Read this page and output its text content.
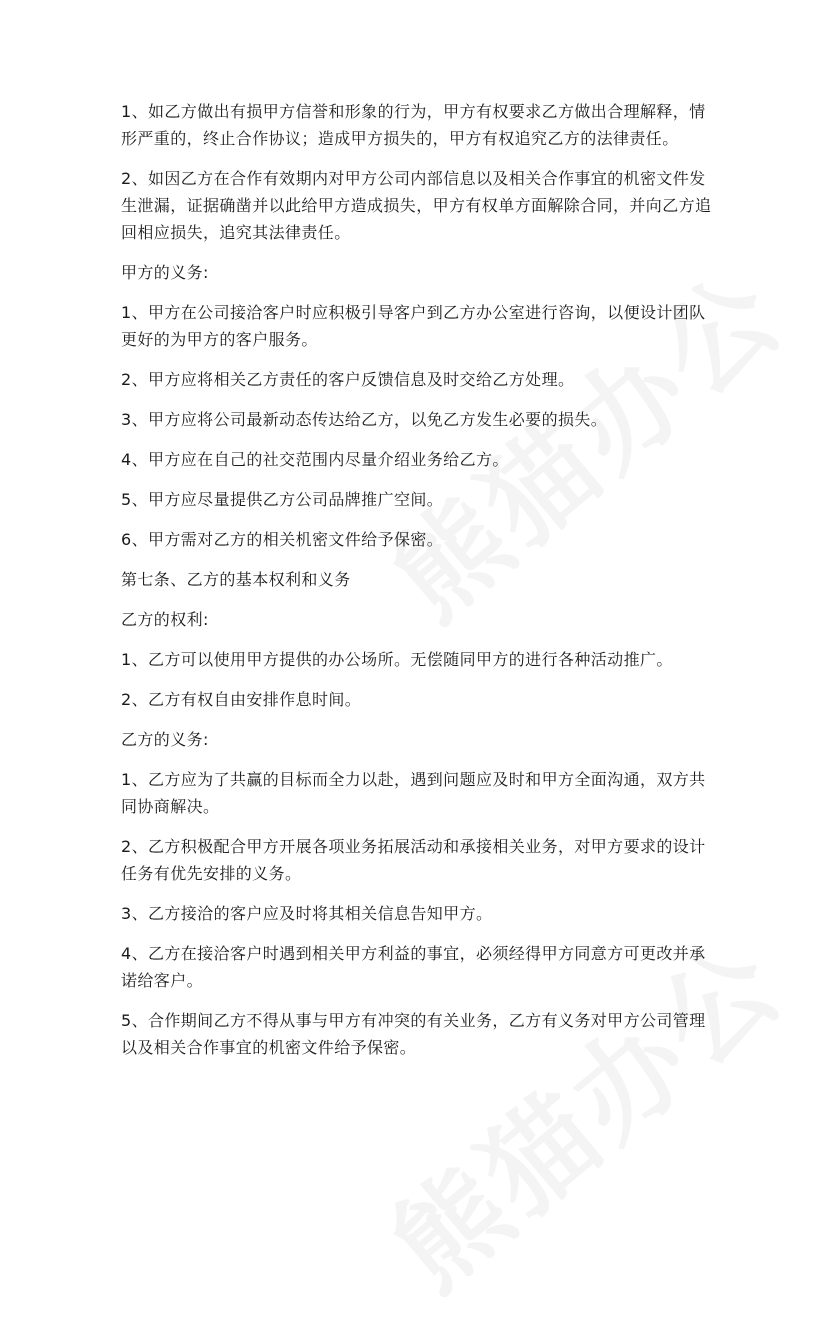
1、如乙方做出有损甲方信誉和形象的行为，甲方有权要求乙方做出合理解释，情形严重的，终止合作协议；造成甲方损失的，甲方有权追究乙方的法律责任。

2、如因乙方在合作有效期内对甲方公司内部信息以及相关合作事宜的机密文件发生泄漏，证据确凿并以此给甲方造成损失，甲方有权单方面解除合同，并向乙方追回相应损失，追究其法律责任。

甲方的义务:

1、甲方在公司接洽客户时应积极引导客户到乙方办公室进行咨询，以便设计团队更好的为甲方的客户服务。

2、甲方应将相关乙方责任的客户反馈信息及时交给乙方处理。

3、甲方应将公司最新动态传达给乙方，以免乙方发生必要的损失。

4、甲方应在自己的社交范围内尽量介绍业务给乙方。

5、甲方应尽量提供乙方公司品牌推广空间。

6、甲方需对乙方的相关机密文件给予保密。

第七条、乙方的基本权利和义务

乙方的权利:

1、乙方可以使用甲方提供的办公场所。无偿随同甲方的进行各种活动推广。

2、乙方有权自由安排作息时间。

乙方的义务:

1、乙方应为了共赢的目标而全力以赴，遇到问题应及时和甲方全面沟通，双方共同协商解决。

2、乙方积极配合甲方开展各项业务拓展活动和承接相关业务，对甲方要求的设计任务有优先安排的义务。

3、乙方接洽的客户应及时将其相关信息告知甲方。

4、乙方在接洽客户时遇到相关甲方利益的事宜，必须经得甲方同意方可更改并承诺给客户。

5、合作期间乙方不得从事与甲方有冲突的有关业务，乙方有义务对甲方公司管理以及相关合作事宜的机密文件给予保密。
